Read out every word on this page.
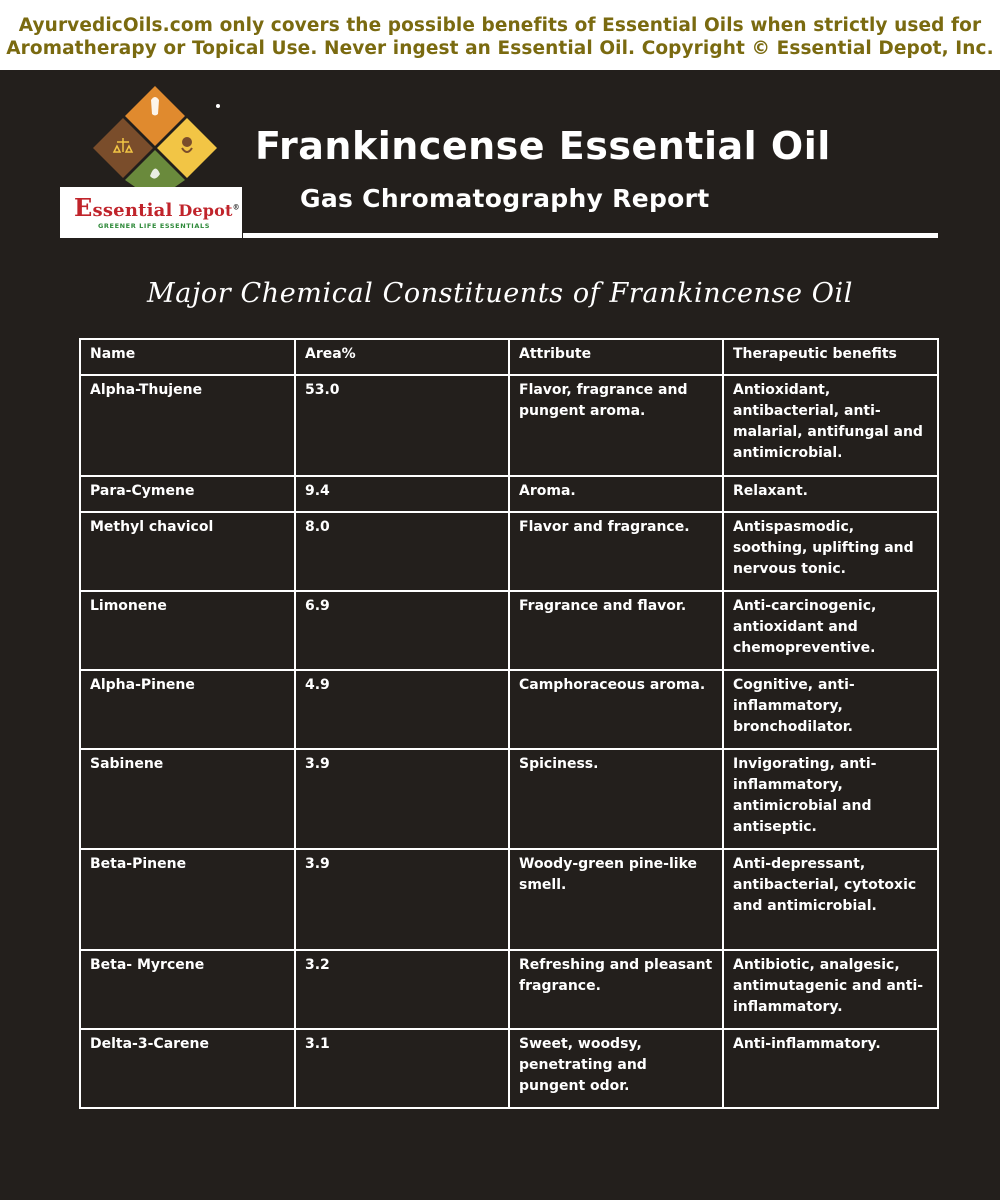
AyurvedicOils.com only covers the possible benefits of Essential Oils when strictly used for
Aromatherapy or Topical Use. Never ingest an Essential Oil. Copyright © Essential Depot, Inc.
Essential Depot®
GREENER LIFE ESSENTIALS
Frankincense Essential Oil
Gas Chromatography Report
Major Chemical Constituents of Frankincense Oil
Name	Area%	Attribute	Therapeutic benefits
Alpha-Thujene	53.0	Flavor, fragrance and pungent aroma.	Antioxidant, antibacterial, anti-malarial, antifungal and antimicrobial.
Para-Cymene	9.4	Aroma.	Relaxant.
Methyl chavicol	8.0	Flavor and fragrance.	Antispasmodic, soothing, uplifting and nervous tonic.
Limonene	6.9	Fragrance and flavor.	Anti-carcinogenic, antioxidant and chemopreventive.
Alpha-Pinene	4.9	Camphoraceous aroma.	Cognitive, anti-inflammatory, bronchodilator.
Sabinene	3.9	Spiciness.	Invigorating, anti-inflammatory, antimicrobial and antiseptic.
Beta-Pinene	3.9	Woody-green pine-like smell.	Anti-depressant, antibacterial, cytotoxic and antimicrobial.
Beta- Myrcene	3.2	Refreshing and pleasant fragrance.	Antibiotic, analgesic, antimutagenic and anti-inflammatory.
Delta-3-Carene	3.1	Sweet, woodsy, penetrating and pungent odor.	Anti-inflammatory.
